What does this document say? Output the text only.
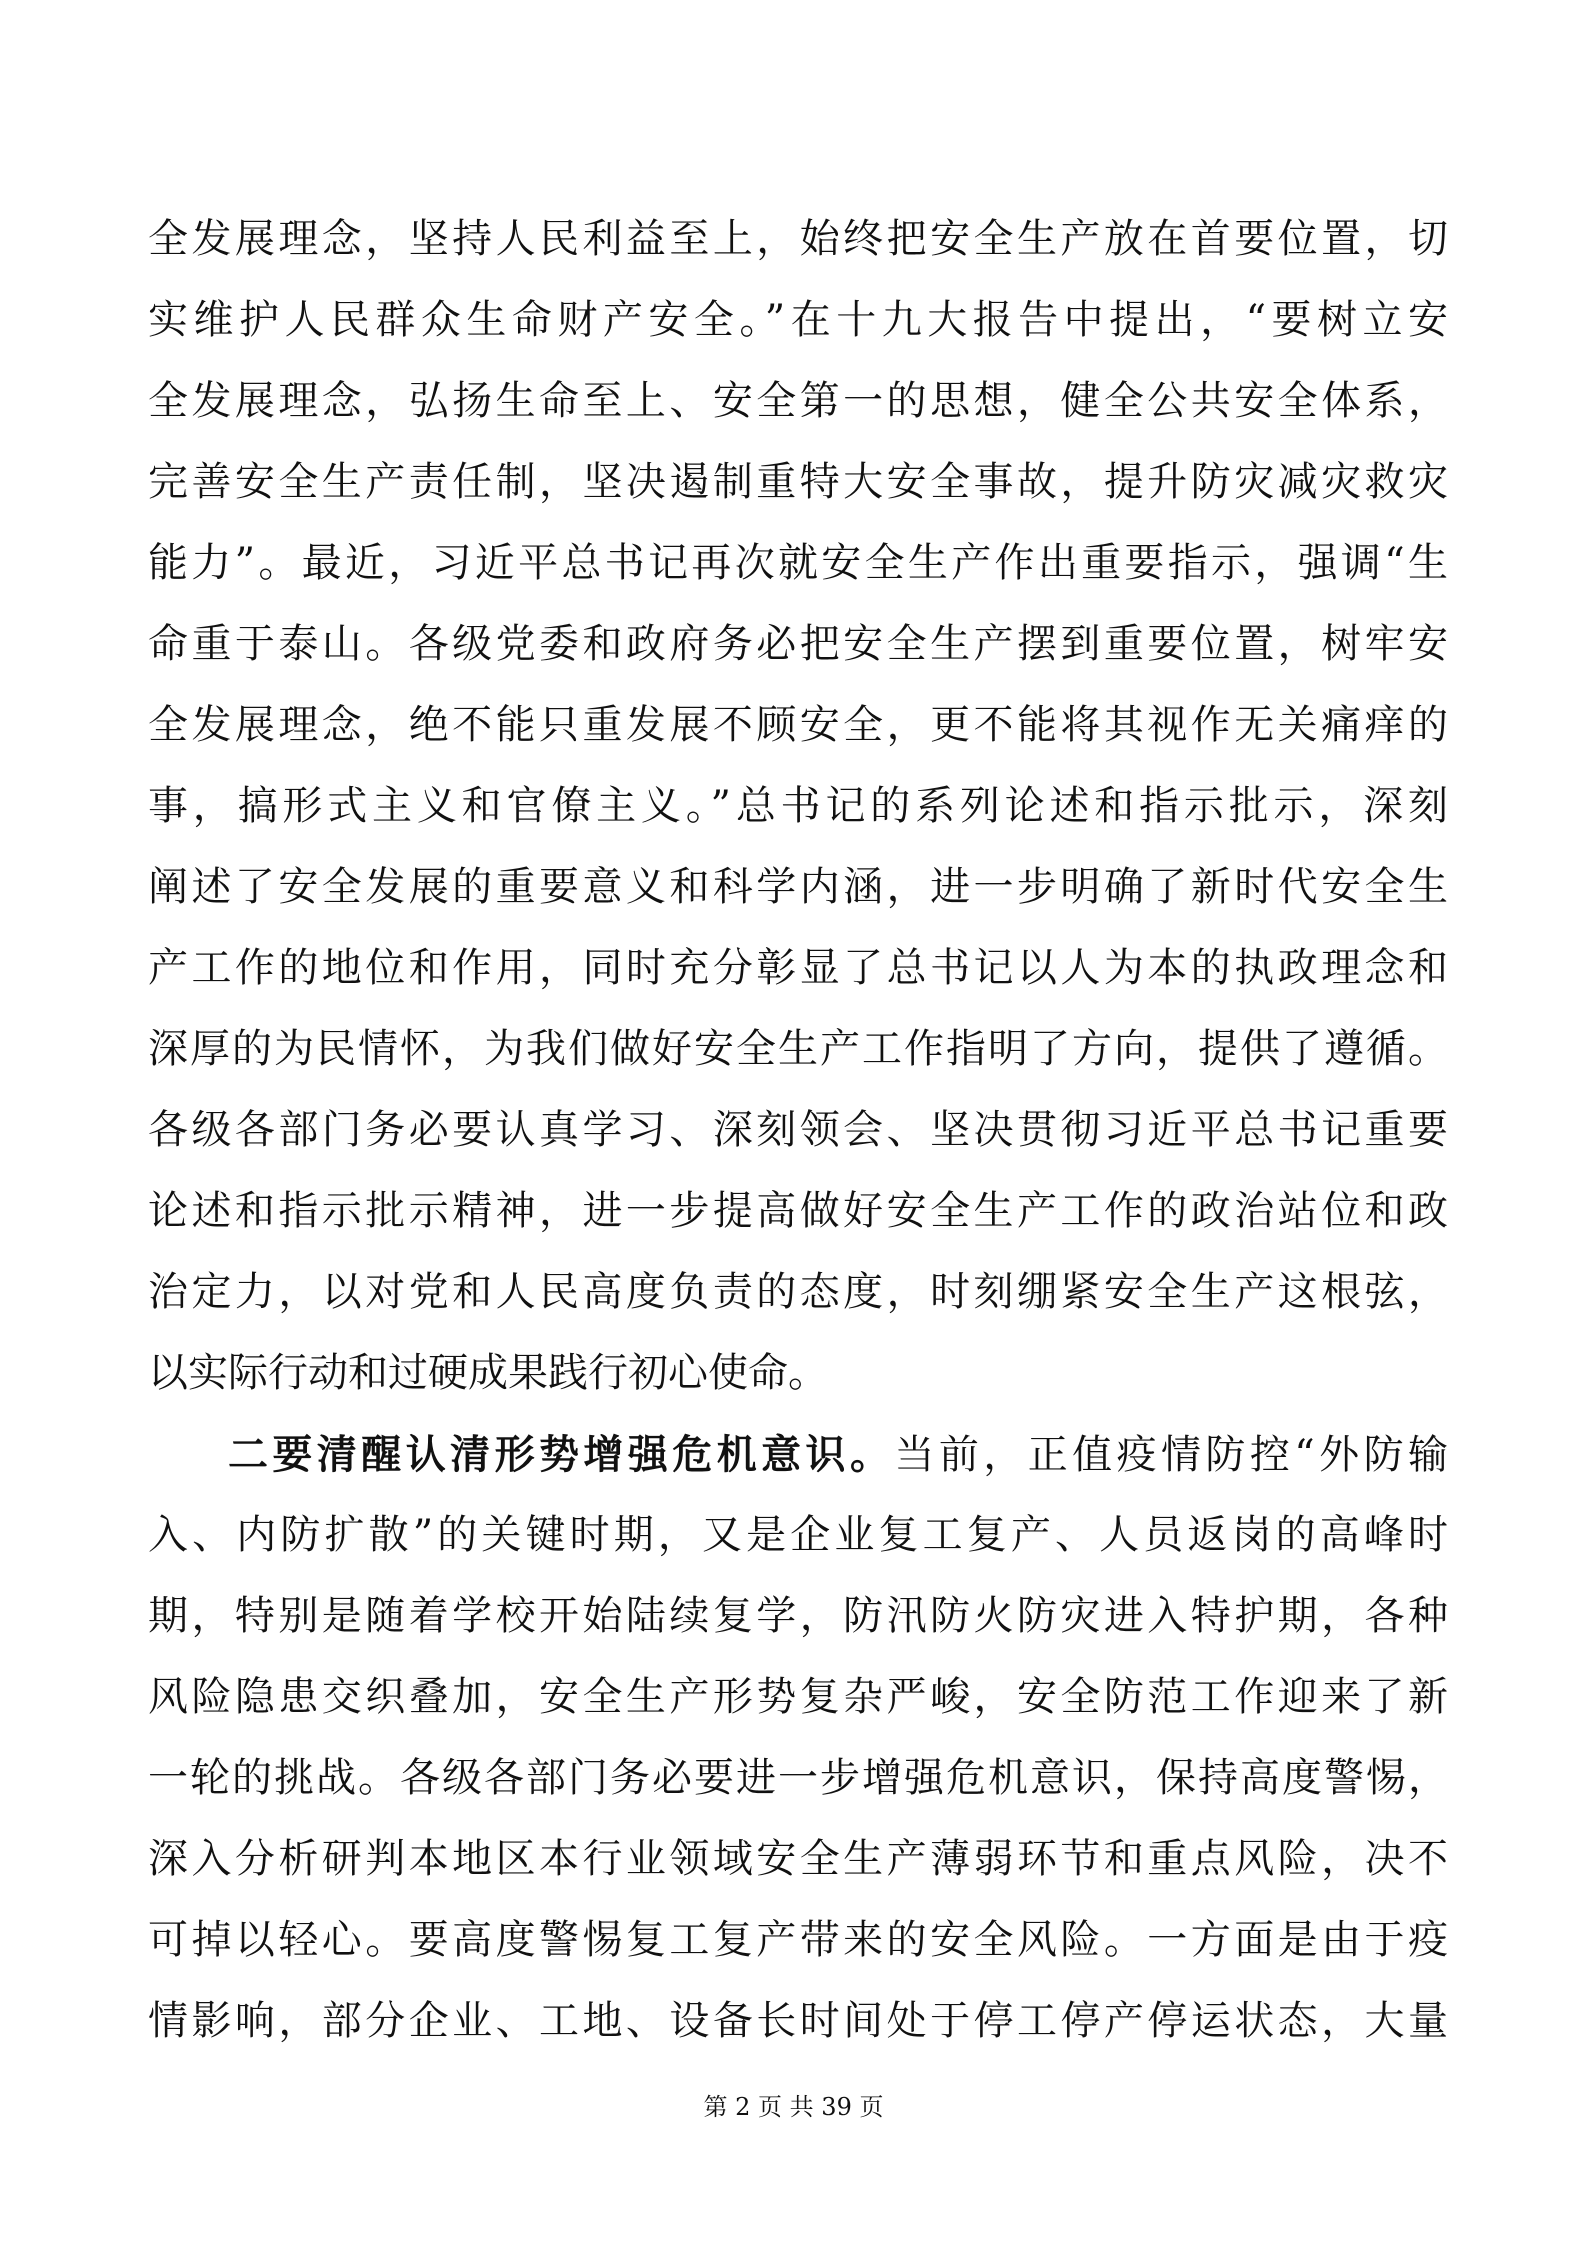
全发展理念，坚持人民利益至上，始终把安全生产放在首要位置，切
实维护人民群众生命财产安全。”在十九大报告中提出，“要树立安
全发展理念，弘扬生命至上、安全第一的思想，健全公共安全体系，
完善安全生产责任制，坚决遏制重特大安全事故，提升防灾减灾救灾
能力”。最近，习近平总书记再次就安全生产作出重要指示，强调“生
命重于泰山。各级党委和政府务必把安全生产摆到重要位置，树牢安
全发展理念，绝不能只重发展不顾安全，更不能将其视作无关痛痒的
事，搞形式主义和官僚主义。”总书记的系列论述和指示批示，深刻
阐述了安全发展的重要意义和科学内涵，进一步明确了新时代安全生
产工作的地位和作用，同时充分彰显了总书记以人为本的执政理念和
深厚的为民情怀，为我们做好安全生产工作指明了方向，提供了遵循。
各级各部门务必要认真学习、深刻领会、坚决贯彻习近平总书记重要
论述和指示批示精神，进一步提高做好安全生产工作的政治站位和政
治定力，以对党和人民高度负责的态度，时刻绷紧安全生产这根弦，
以实际行动和过硬成果践行初心使命。
二要清醒认清形势增强危机意识。当前，正值疫情防控“外防输
入、内防扩散”的关键时期，又是企业复工复产、人员返岗的高峰时
期，特别是随着学校开始陆续复学，防汛防火防灾进入特护期，各种
风险隐患交织叠加，安全生产形势复杂严峻，安全防范工作迎来了新
一轮的挑战。各级各部门务必要进一步增强危机意识，保持高度警惕，
深入分析研判本地区本行业领域安全生产薄弱环节和重点风险，决不
可掉以轻心。要高度警惕复工复产带来的安全风险。一方面是由于疫
情影响，部分企业、工地、设备长时间处于停工停产停运状态，大量
第 2 页 共 39 页
